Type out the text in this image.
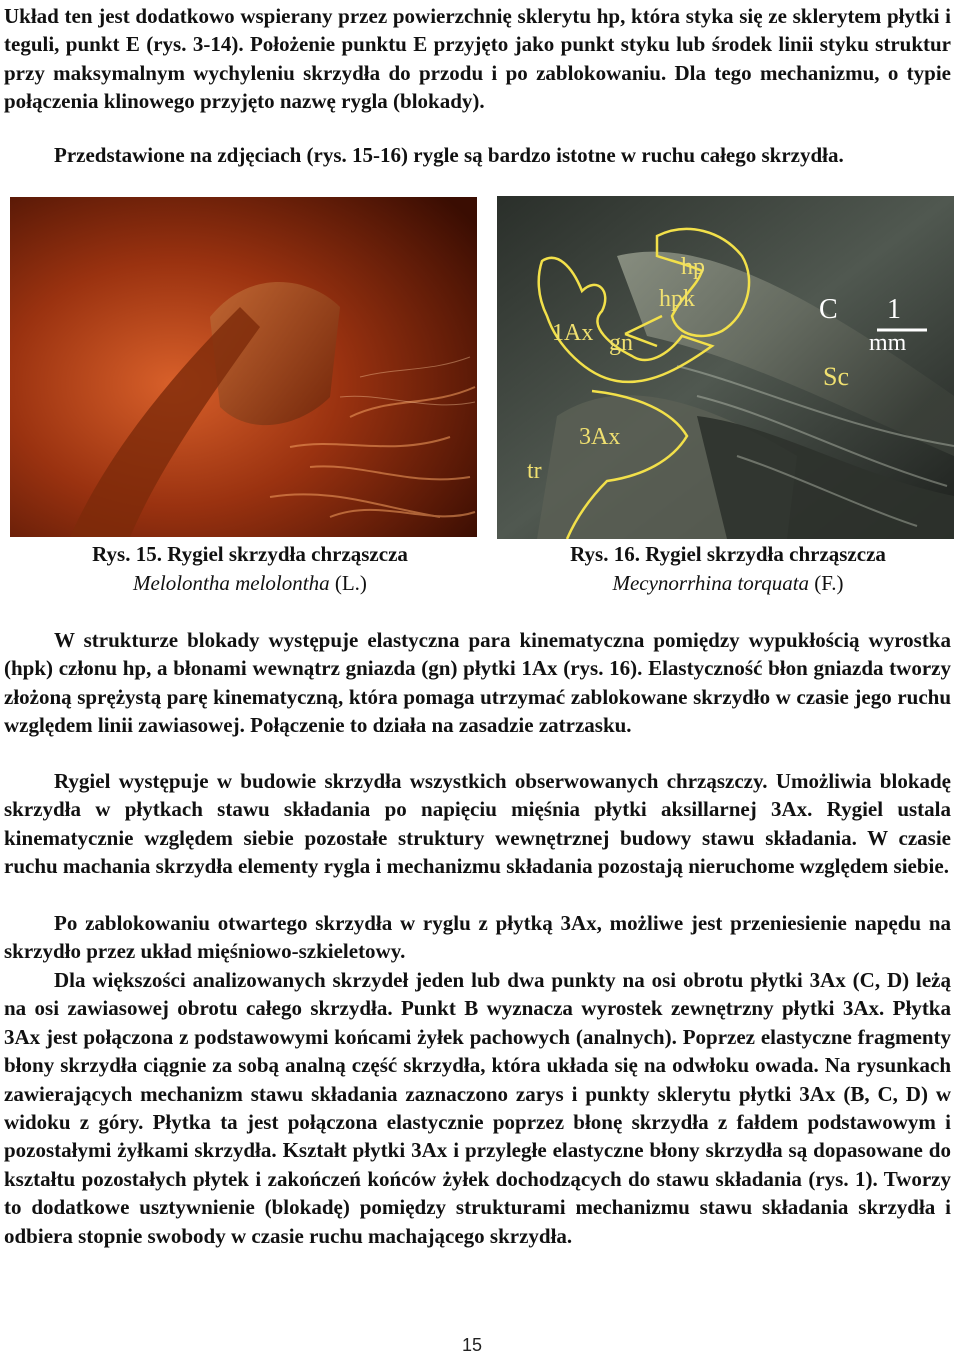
Układ ten jest dodatkowo wspierany przez powierzchnię sklerytu hp, która styka się ze sklerytem płytki i teguli, punkt E (rys. 3-14). Położenie punktu E przyjęto jako punkt styku lub środek linii styku struktur przy maksymalnym wychyleniu skrzydła do przodu i po zablokowaniu. Dla tego mechanizmu, o typie połączenia klinowego przyjęto nazwę rygla (blokady).

Przedstawione na zdjęciach (rys. 15-16) rygle są bardzo istotne w ruchu całego skrzydła.

hp
hpk
1Ax gn
C
Sc
3Ax
tr
1
mm
Rys. 15. Rygiel skrzydła chrząszcza
Melolontha melolontha (L.)
Rys. 16. Rygiel skrzydła chrząszcza
Mecynorrhina torquata (F.)

W strukturze blokady występuje elastyczna para kinematyczna pomiędzy wypukłością wyrostka (hpk) członu hp, a błonami wewnątrz gniazda (gn) płytki 1Ax (rys. 16). Elastyczność błon gniazda tworzy złożoną sprężystą parę kinematyczną, która pomaga utrzymać zablokowane skrzydło w czasie jego ruchu względem linii zawiasowej. Połączenie to działa na zasadzie zatrzasku.

Rygiel występuje w budowie skrzydła wszystkich obserwowanych chrząszczy. Umożliwia blokadę skrzydła w płytkach stawu składania po napięciu mięśnia płytki aksillarnej 3Ax. Rygiel ustala kinematycznie względem siebie pozostałe struktury wewnętrznej budowy stawu składania. W czasie ruchu machania skrzydła elementy rygla i mechanizmu składania pozostają nieruchome względem siebie.

Po zablokowaniu otwartego skrzydła w ryglu z płytką 3Ax, możliwe jest przeniesienie napędu na skrzydło przez układ mięśniowo-szkieletowy.

Dla większości analizowanych skrzydeł jeden lub dwa punkty na osi obrotu płytki 3Ax (C, D) leżą na osi zawiasowej obrotu całego skrzydła. Punkt B wyznacza wyrostek zewnętrzny płytki 3Ax. Płytka 3Ax jest połączona z podstawowymi końcami żyłek pachowych (analnych). Poprzez elastyczne fragmenty błony skrzydła ciągnie za sobą analną część skrzydła, która układa się na odwłoku owada. Na rysunkach zawierających mechanizm stawu składania zaznaczono zarys i punkty sklerytu płytki 3Ax (B, C, D) w widoku z góry. Płytka ta jest połączona elastycznie poprzez błonę skrzydła z fałdem podstawowym i pozostałymi żyłkami skrzydła. Kształt płytki 3Ax i przyległe elastyczne błony skrzydła są dopasowane do kształtu pozostałych płytek i zakończeń końców żyłek dochodzących do stawu składania (rys. 1). Tworzy to dodatkowe usztywnienie (blokadę) pomiędzy strukturami mechanizmu stawu składania skrzydła i odbiera stopnie swobody w czasie ruchu machającego skrzydła.

15
